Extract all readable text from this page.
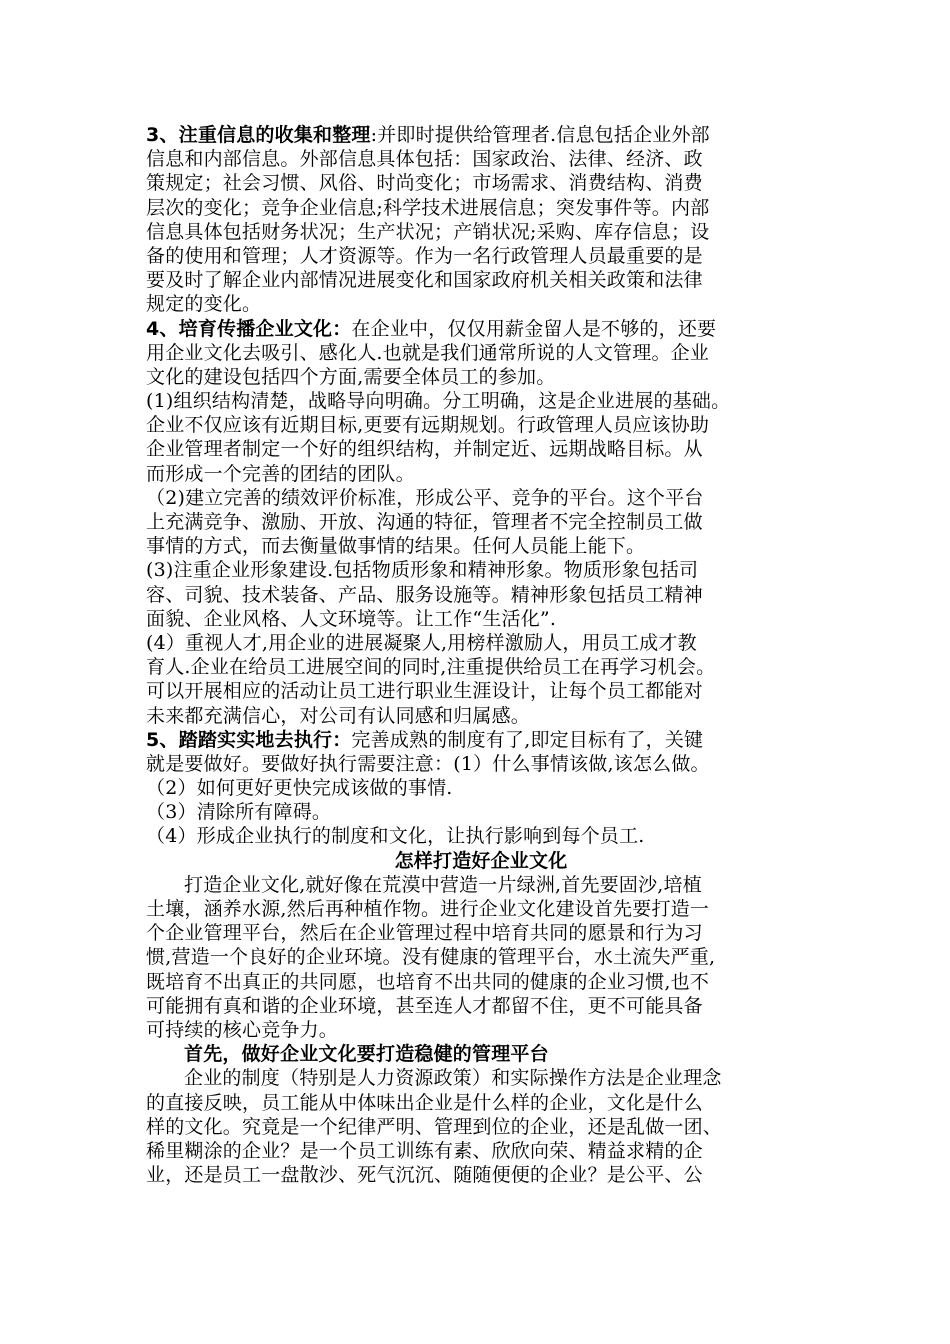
3、注重信息的收集和整理:并即时提供给管理者.信息包括企业外部
信息和内部信息。外部信息具体包括：国家政治、法律、经济、政
策规定；社会习惯、风俗、时尚变化；市场需求、消费结构、消费
层次的变化；竞争企业信息;科学技术进展信息；突发事件等。内部
信息具体包括财务状况；生产状况；产销状况;采购、库存信息；设
备的使用和管理；人才资源等。作为一名行政管理人员最重要的是
要及时了解企业内部情况进展变化和国家政府机关相关政策和法律
规定的变化。
4、培育传播企业文化：在企业中，仅仅用薪金留人是不够的，还要
用企业文化去吸引、感化人.也就是我们通常所说的人文管理。企业
文化的建设包括四个方面,需要全体员工的参加。
(1)组织结构清楚，战略导向明确。分工明确，这是企业进展的基础。
企业不仅应该有近期目标,更要有远期规划。行政管理人员应该协助
企业管理者制定一个好的组织结构，并制定近、远期战略目标。从
而形成一个完善的团结的团队。
（2)建立完善的绩效评价标准，形成公平、竞争的平台。这个平台
上充满竞争、激励、开放、沟通的特征，管理者不完全控制员工做
事情的方式，而去衡量做事情的结果。任何人员能上能下。
(3)注重企业形象建设.包括物质形象和精神形象。物质形象包括司
容、司貌、技术装备、产品、服务设施等。精神形象包括员工精神
面貌、企业风格、人文环境等。让工作“生活化”.
(4）重视人才,用企业的进展凝聚人,用榜样激励人，用员工成才教
育人.企业在给员工进展空间的同时,注重提供给员工在再学习机会。
可以开展相应的活动让员工进行职业生涯设计，让每个员工都能对
未来都充满信心，对公司有认同感和归属感。
5、踏踏实实地去执行：完善成熟的制度有了,即定目标有了，关键
就是要做好。要做好执行需要注意：(1）什么事情该做,该怎么做。
（2）如何更好更快完成该做的事情.
（3）清除所有障碍。
（4）形成企业执行的制度和文化，让执行影响到每个员工.
怎样打造好企业文化
打造企业文化,就好像在荒漠中营造一片绿洲,首先要固沙,培植
土壤，涵养水源,然后再种植作物。进行企业文化建设首先要打造一
个企业管理平台，然后在企业管理过程中培育共同的愿景和行为习
惯,营造一个良好的企业环境。没有健康的管理平台，水土流失严重,
既培育不出真正的共同愿，也培育不出共同的健康的企业习惯,也不
可能拥有真和谐的企业环境，甚至连人才都留不住，更不可能具备
可持续的核心竞争力。
首先，做好企业文化要打造稳健的管理平台
企业的制度（特别是人力资源政策）和实际操作方法是企业理念
的直接反映，员工能从中体味出企业是什么样的企业，文化是什么
样的文化。究竟是一个纪律严明、管理到位的企业，还是乱做一团、
稀里糊涂的企业？是一个员工训练有素、欣欣向荣、精益求精的企
业，还是员工一盘散沙、死气沉沉、随随便便的企业？是公平、公
